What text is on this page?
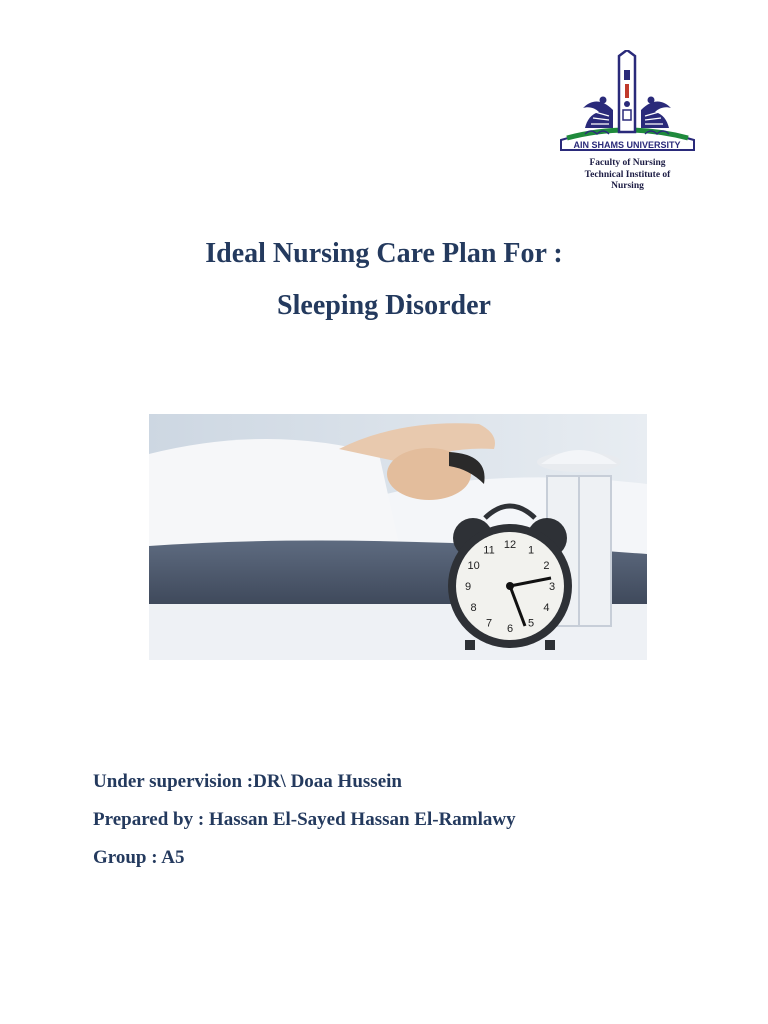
AIN SHAMS UNIVERSITY
Faculty of Nursing
Technical Institute of
Nursing
Ideal Nursing Care Plan For :
Sleeping Disorder
12 1
2
3
4
5
6
7
8
9
10
11
Under supervision :DR\ Doaa Hussein
Prepared by : Hassan El-Sayed Hassan El-Ramlawy
Group : A5
